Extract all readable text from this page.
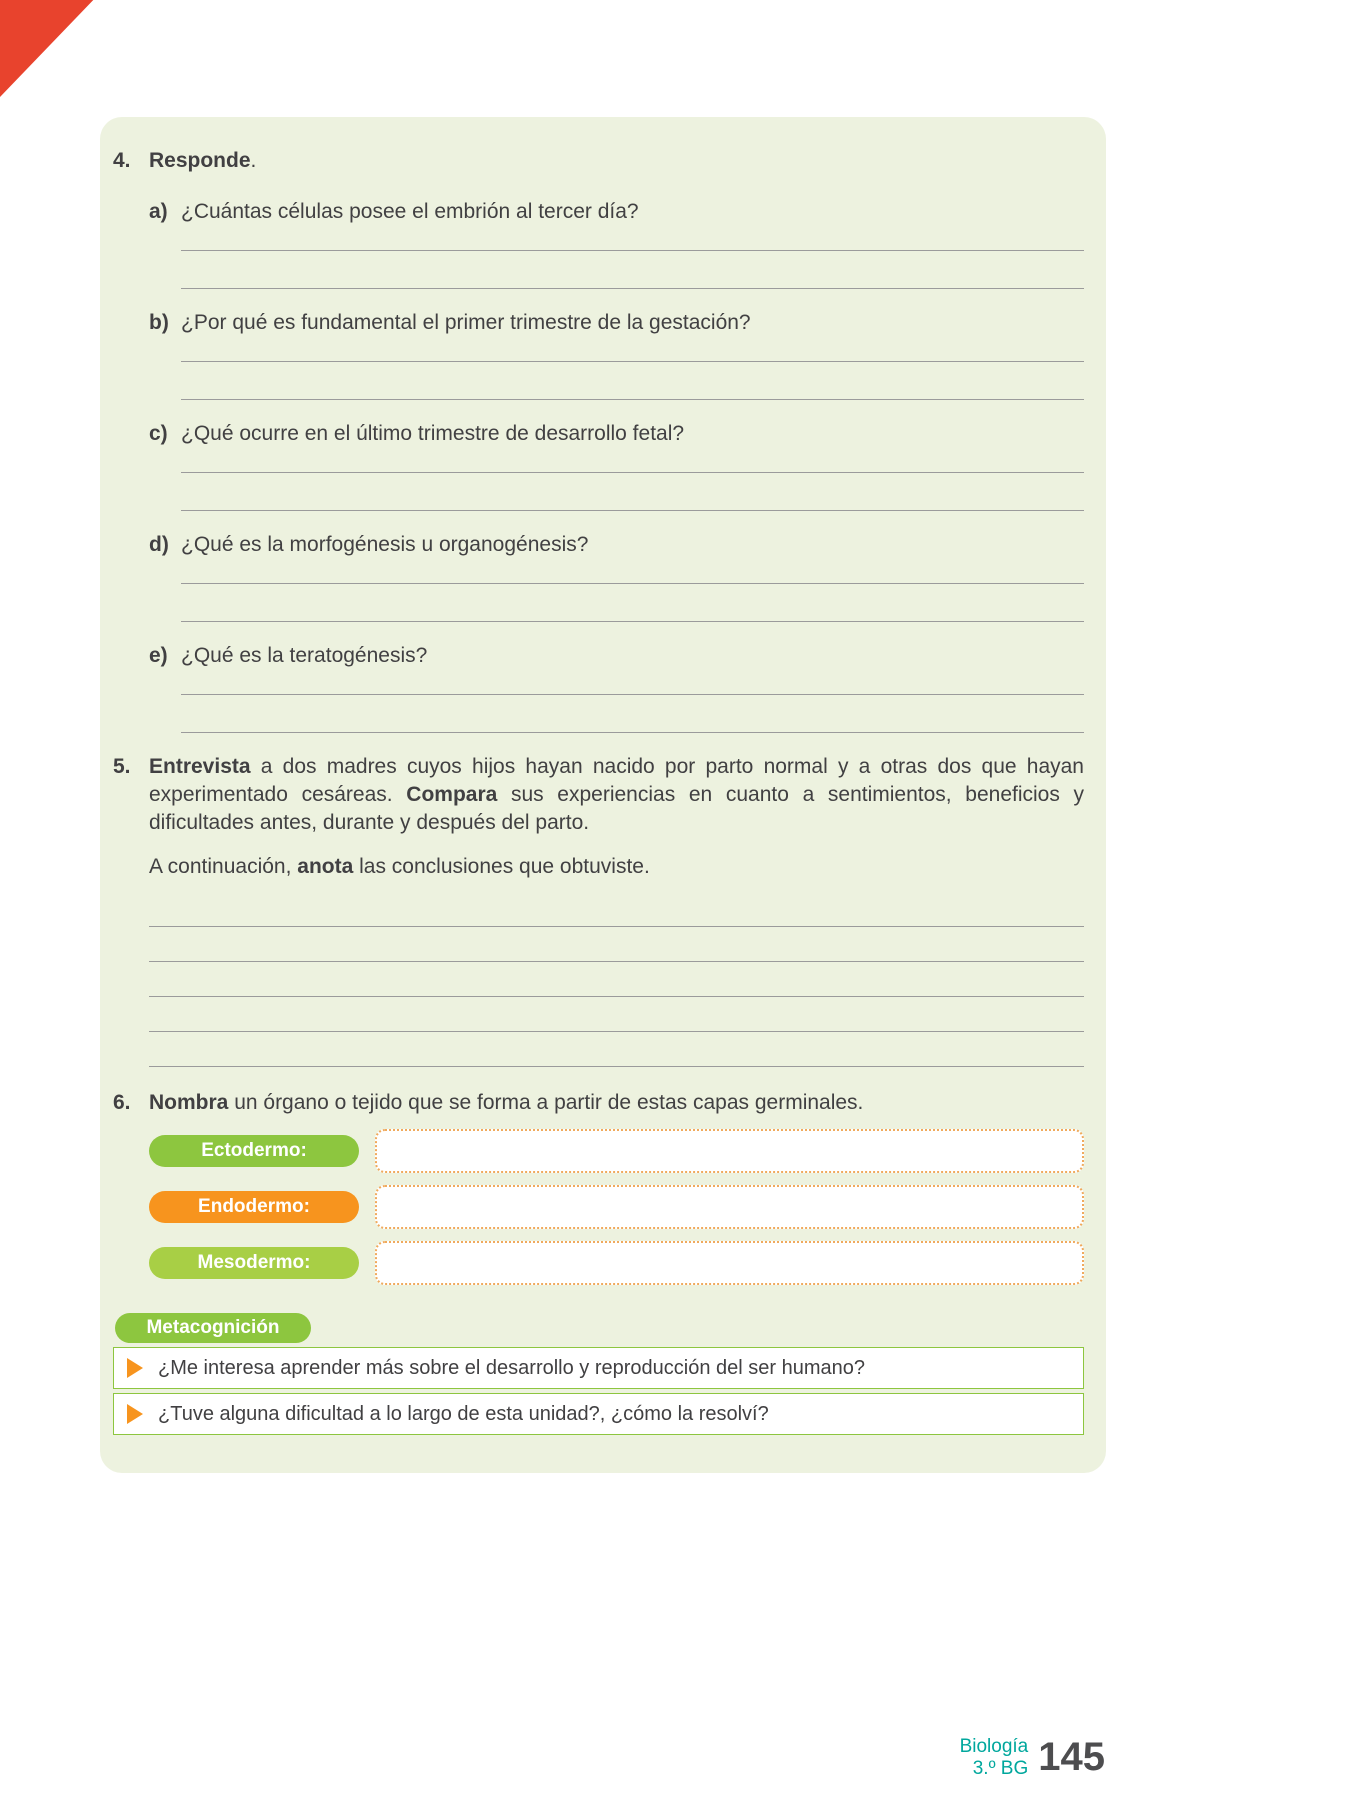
4. Responde.
a) ¿Cuántas células posee el embrión al tercer día?
b) ¿Por qué es fundamental el primer trimestre de la gestación?
c) ¿Qué ocurre en el último trimestre de desarrollo fetal?
d) ¿Qué es la morfogénesis u organogénesis?
e) ¿Qué es la teratogénesis?
5. Entrevista a dos madres cuyos hijos hayan nacido por parto normal y a otras dos que hayan experimentado cesáreas. Compara sus experiencias en cuanto a sentimientos, beneficios y dificultades antes, durante y después del parto.

A continuación, anota las conclusiones que obtuviste.

6. Nombra un órgano o tejido que se forma a partir de estas capas germinales.

Ectodermo:
Endodermo:
Mesodermo:
Metacognición
¿Me interesa aprender más sobre el desarrollo y reproducción del ser humano?
¿Tuve alguna dificultad a lo largo de esta unidad?, ¿cómo la resolví?
Biología
3.º BG 145
